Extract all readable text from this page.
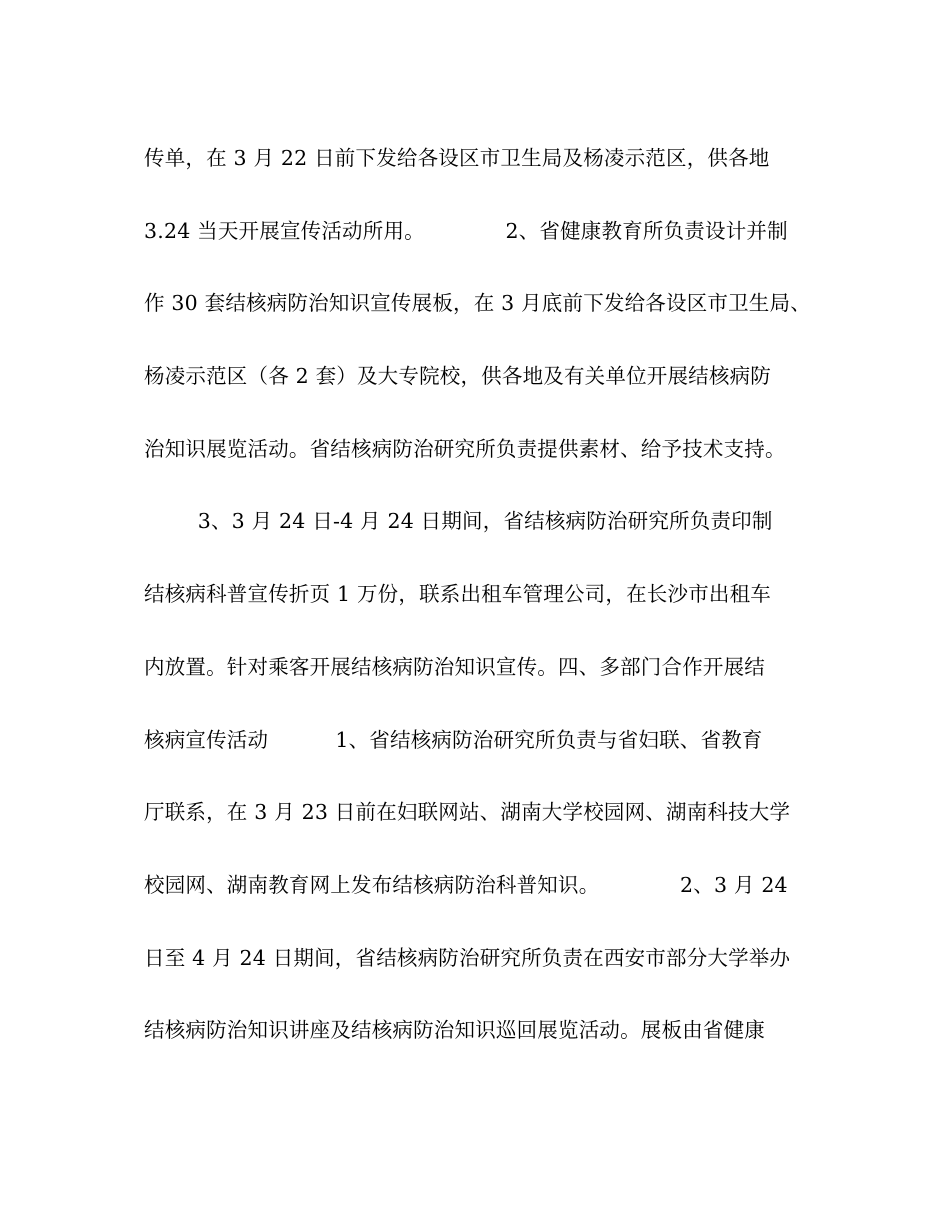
传单，在 3 月 22 日前下发给各设区市卫生局及杨凌示范区，供各地
3.24 当天开展宣传活动所用。            2、省健康教育所负责设计并制
作 30 套结核病防治知识宣传展板，在 3 月底前下发给各设区市卫生局、
杨凌示范区（各 2 套）及大专院校，供各地及有关单位开展结核病防
治知识展览活动。省结核病防治研究所负责提供素材、给予技术支持。
3、3 月 24 日-4 月 24 日期间，省结核病防治研究所负责印制
结核病科普宣传折页 1 万份，联系出租车管理公司，在长沙市出租车
内放置。针对乘客开展结核病防治知识宣传。四、多部门合作开展结
核病宣传活动          1、省结核病防治研究所负责与省妇联、省教育
厅联系，在 3 月 23 日前在妇联网站、湖南大学校园网、湖南科技大学
校园网、湖南教育网上发布结核病防治科普知识。            2、3 月 24
日至 4 月 24 日期间，省结核病防治研究所负责在西安市部分大学举办
结核病防治知识讲座及结核病防治知识巡回展览活动。展板由省健康
